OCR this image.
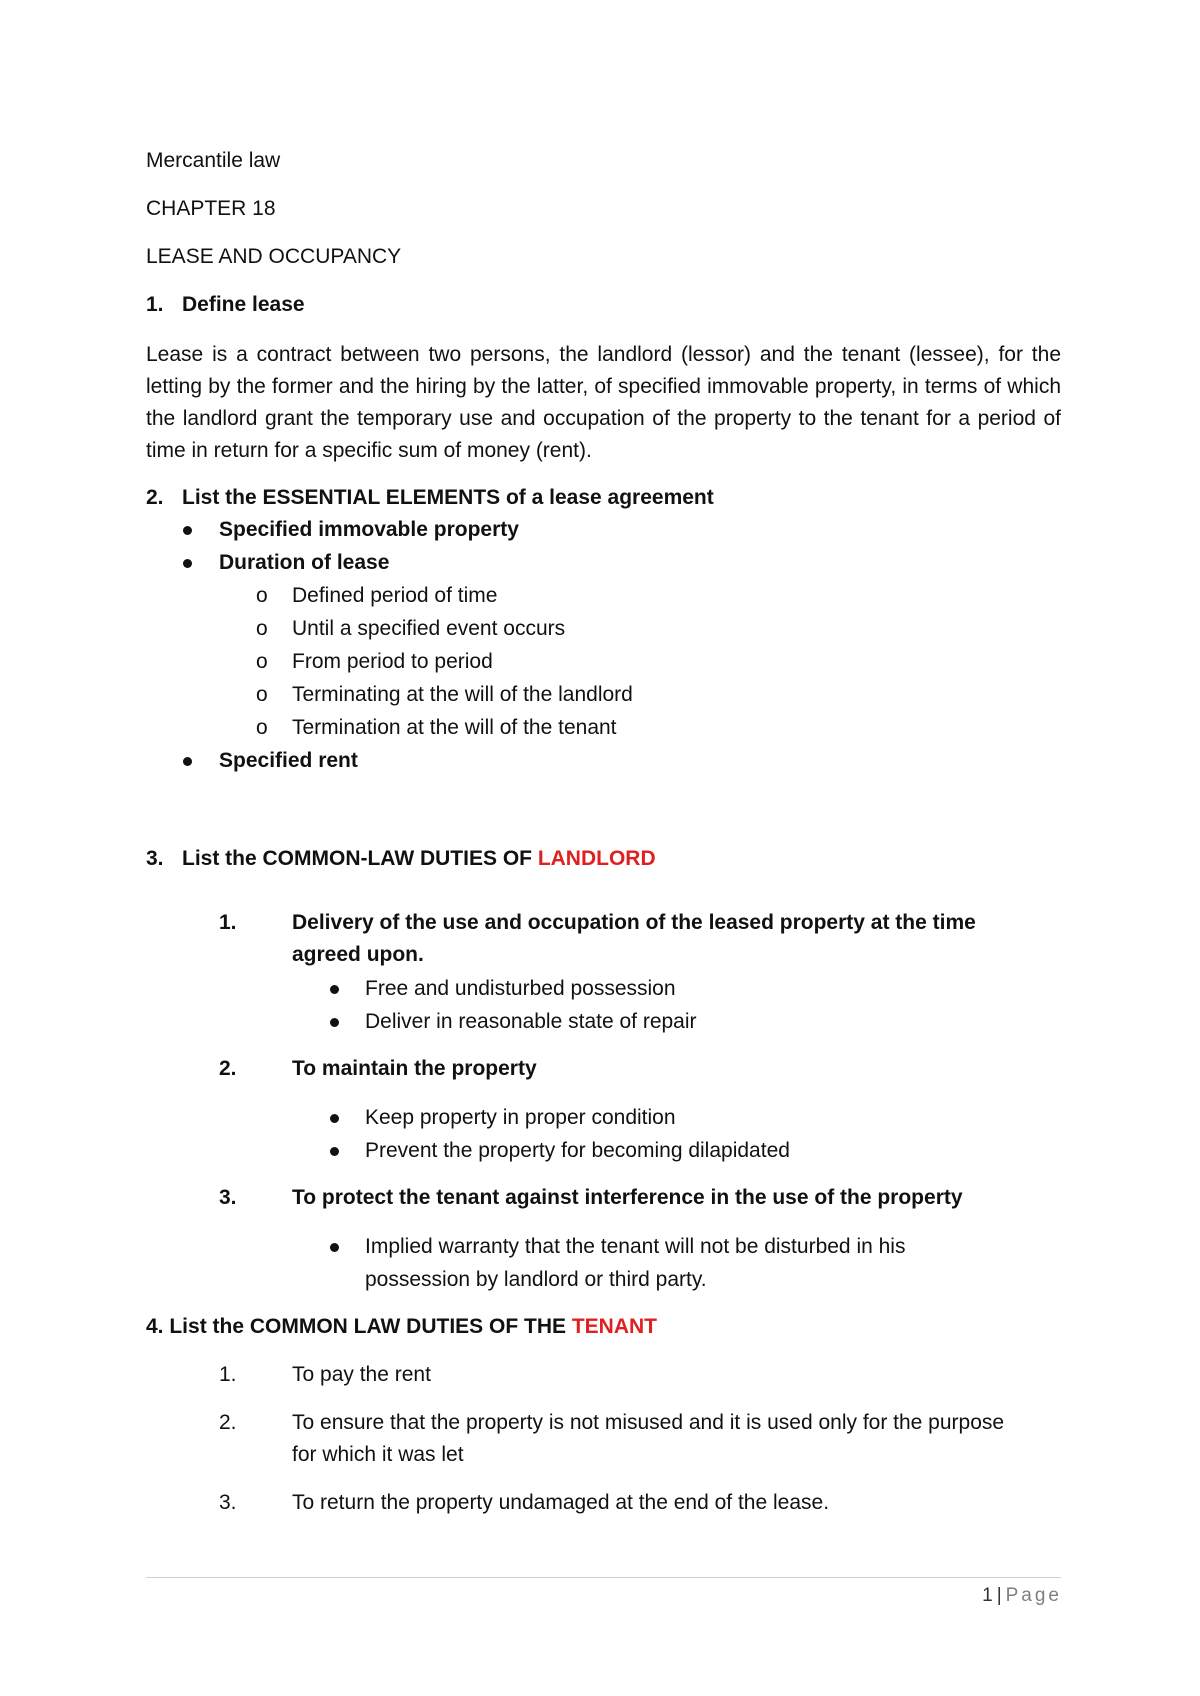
Mercantile law
CHAPTER 18
LEASE AND OCCUPANCY
1. Define lease
Lease is a contract between two persons, the landlord (lessor) and the tenant (lessee), for the letting by the former and the hiring by the latter, of specified immovable property, in terms of which the landlord grant the temporary use and occupation of the property to the tenant for a period of time in return for a specific sum of money (rent).
2. List the ESSENTIAL ELEMENTS of a lease agreement
Specified immovable property
Duration of lease
o Defined period of time
o Until a specified event occurs
o From period to period
o Terminating at the will of the landlord
o Termination at the will of the tenant
Specified rent
3. List the COMMON-LAW DUTIES OF LANDLORD
1.	Delivery of the use and occupation of the leased property at the time
agreed upon.
Free and undisturbed possession
Deliver in reasonable state of repair
2.	To maintain the property
Keep property in proper condition
Prevent the property for becoming dilapidated
3.	To protect the tenant against interference in the use of the property
Implied warranty that the tenant will not be disturbed in his
possession by landlord or third party.
4. List the COMMON LAW DUTIES OF THE TENANT
1.	To pay the rent
2.	To ensure that the property is not misused and it is used only for the purpose
for which it was let
3.	To return the property undamaged at the end of the lease.
1 | Page
